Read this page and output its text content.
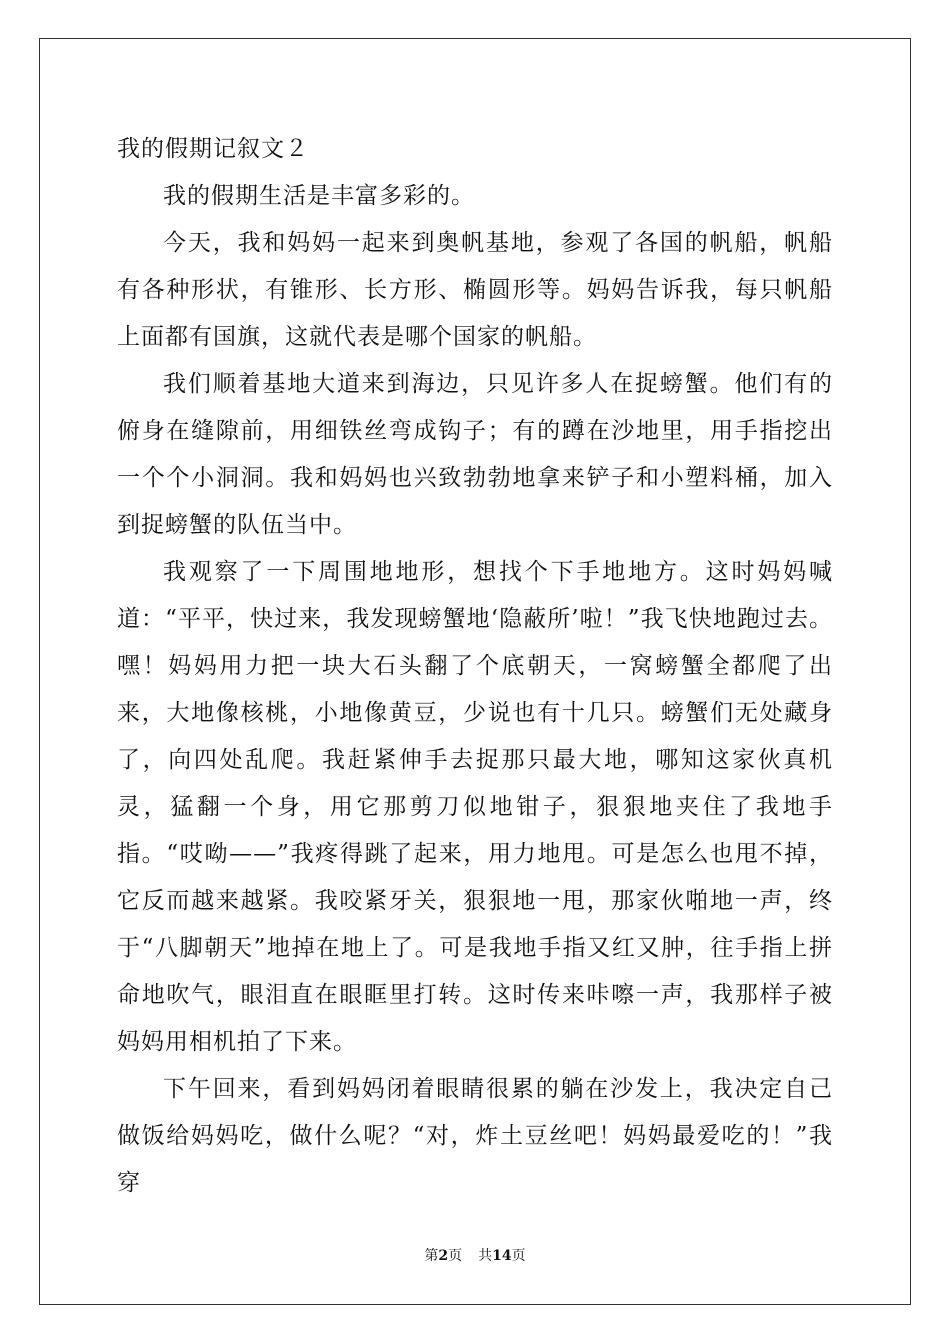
我的假期记叙文２

我的假期生活是丰富多彩的。

今天，我和妈妈一起来到奥帆基地，参观了各国的帆船，帆船有各种形状，有锥形、长方形、椭圆形等。妈妈告诉我，每只帆船上面都有国旗，这就代表是哪个国家的帆船。

我们顺着基地大道来到海边，只见许多人在捉螃蟹。他们有的俯身在缝隙前，用细铁丝弯成钩子；有的蹲在沙地里，用手指挖出一个个小洞洞。我和妈妈也兴致勃勃地拿来铲子和小塑料桶，加入到捉螃蟹的队伍当中。

我观察了一下周围地地形，想找个下手地地方。这时妈妈喊道：“平平，快过来，我发现螃蟹地‘隐蔽所’啦！”我飞快地跑过去。嘿！妈妈用力把一块大石头翻了个底朝天，一窝螃蟹全都爬了出来，大地像核桃，小地像黄豆，少说也有十几只。螃蟹们无处藏身了，向四处乱爬。我赶紧伸手去捉那只最大地，哪知这家伙真机灵，猛翻一个身，用它那剪刀似地钳子，狠狠地夹住了我地手指。“哎呦——”我疼得跳了起来，用力地甩。可是怎么也甩不掉，它反而越来越紧。我咬紧牙关，狠狠地一甩，那家伙啪地一声，终于“八脚朝天”地掉在地上了。可是我地手指又红又肿，往手指上拼命地吹气，眼泪直在眼眶里打转。这时传来咔嚓一声，我那样子被妈妈用相机拍了下来。

下午回来，看到妈妈闭着眼睛很累的躺在沙发上，我决定自己做饭给妈妈吃，做什么呢？“对，炸土豆丝吧！妈妈最爱吃的！”我穿

第2页 共14页
